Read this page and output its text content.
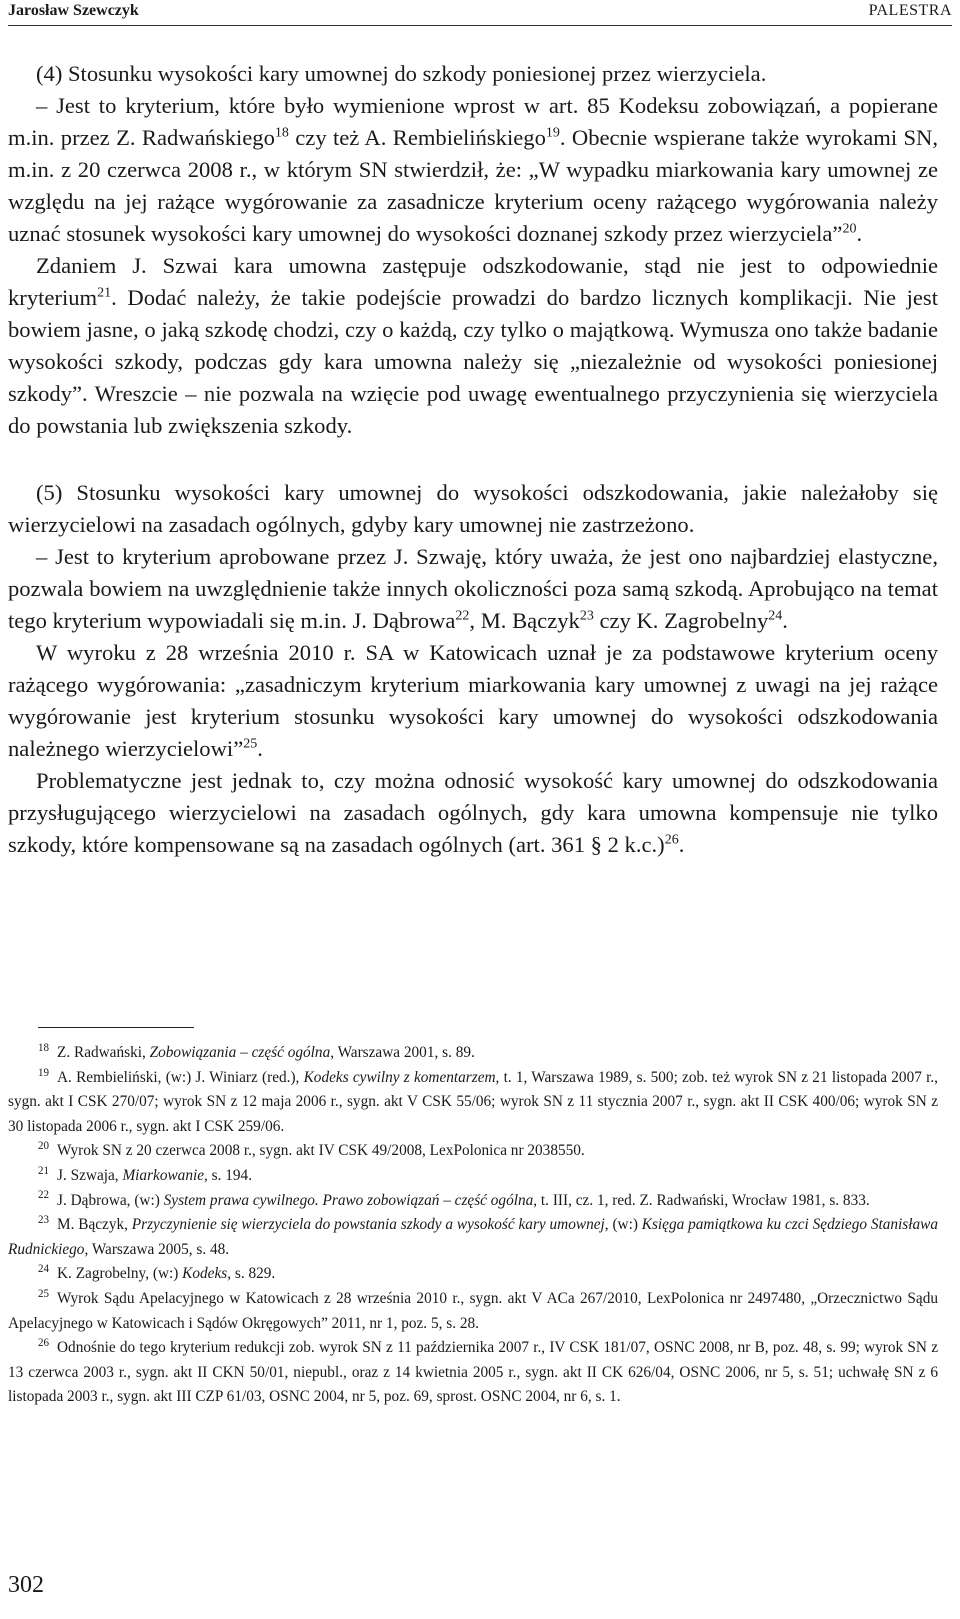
Jarosław Szewczyk	PALESTRA

(4) Stosunku wysokości kary umownej do szkody poniesionej przez wierzyciela.

– Jest to kryterium, które było wymienione wprost w art. 85 Kodeksu zobowiązań, a popierane m.in. przez Z. Radwańskiego$^{18}$ czy też A. Rembielińskiego$^{19}$. Obecnie wspierane także wyrokami SN, m.in. z 20 czerwca 2008 r., w którym SN stwierdził, że: „W wypadku miarkowania kary umownej ze względu na jej rażące wygórowanie za zasadnicze kryterium oceny rażącego wygórowania należy uznać stosunek wysokości kary umownej do wysokości doznanej szkody przez wierzyciela”$^{20}$.

Zdaniem J. Szwai kara umowna zastępuje odszkodowanie, stąd nie jest to odpowiednie kryterium$^{21}$. Dodać należy, że takie podejście prowadzi do bardzo licznych komplikacji. Nie jest bowiem jasne, o jaką szkodę chodzi, czy o każdą, czy tylko o majątkową. Wymusza ono także badanie wysokości szkody, podczas gdy kara umowna należy się „niezależnie od wysokości poniesionej szkody”. Wreszcie – nie pozwala na wzięcie pod uwagę ewentualnego przyczynienia się wierzyciela do powstania lub zwiększenia szkody.

(5) Stosunku wysokości kary umownej do wysokości odszkodowania, jakie należałoby się wierzycielowi na zasadach ogólnych, gdyby kary umownej nie zastrzeżono.

– Jest to kryterium aprobowane przez J. Szwaję, który uważa, że jest ono najbardziej elastyczne, pozwala bowiem na uwzględnienie także innych okoliczności poza samą szkodą. Aprobująco na temat tego kryterium wypowiadali się m.in. J. Dąbrowa$^{22}$, M. Bączyk$^{23}$ czy K. Zagrobelny$^{24}$.

W wyroku z 28 września 2010 r. SA w Katowicach uznał je za podstawowe kryterium oceny rażącego wygórowania: „zasadniczym kryterium miarkowania kary umownej z uwagi na jej rażące wygórowanie jest kryterium stosunku wysokości kary umownej do wysokości odszkodowania należnego wierzycielowi”$^{25}$.

Problematyczne jest jednak to, czy można odnosić wysokość kary umownej do odszkodowania przysługującego wierzycielowi na zasadach ogólnych, gdy kara umowna kompensuje nie tylko szkody, które kompensowane są na zasadach ogólnych (art. 361 § 2 k.c.)$^{26}$.

$^{18}$ Z. Radwański, Zobowiązania – część ogólna, Warszawa 2001, s. 89.

$^{19}$ A. Rembieliński, (w:) J. Winiarz (red.), Kodeks cywilny z komentarzem, t. 1, Warszawa 1989, s. 500; zob. też wyrok SN z 21 listopada 2007 r., sygn. akt I CSK 270/07; wyrok SN z 12 maja 2006 r., sygn. akt V CSK 55/06; wyrok SN z 11 stycznia 2007 r., sygn. akt II CSK 400/06; wyrok SN z 30 listopada 2006 r., sygn. akt I CSK 259/06.

$^{20}$ Wyrok SN z 20 czerwca 2008 r., sygn. akt IV CSK 49/2008, LexPolonica nr 2038550.

$^{21}$ J. Szwaja, Miarkowanie, s. 194.

$^{22}$ J. Dąbrowa, (w:) System prawa cywilnego. Prawo zobowiązań – część ogólna, t. III, cz. 1, red. Z. Radwański, Wrocław 1981, s. 833.

$^{23}$ M. Bączyk, Przyczynienie się wierzyciela do powstania szkody a wysokość kary umownej, (w:) Księga pamiątkowa ku czci Sędziego Stanisława Rudnickiego, Warszawa 2005, s. 48.

$^{24}$ K. Zagrobelny, (w:) Kodeks, s. 829.

$^{25}$ Wyrok Sądu Apelacyjnego w Katowicach z 28 września 2010 r., sygn. akt V ACa 267/2010, LexPolonica nr 2497480, „Orzecznictwo Sądu Apelacyjnego w Katowicach i Sądów Okręgowych” 2011, nr 1, poz. 5, s. 28.

$^{26}$ Odnośnie do tego kryterium redukcji zob. wyrok SN z 11 października 2007 r., IV CSK 181/07, OSNC 2008, nr B, poz. 48, s. 99; wyrok SN z 13 czerwca 2003 r., sygn. akt II CKN 50/01, niepubl., oraz z 14 kwietnia 2005 r., sygn. akt II CK 626/04, OSNC 2006, nr 5, s. 51; uchwałę SN z 6 listopada 2003 r., sygn. akt III CZP 61/03, OSNC 2004, nr 5, poz. 69, sprost. OSNC 2004, nr 6, s. 1.

302
